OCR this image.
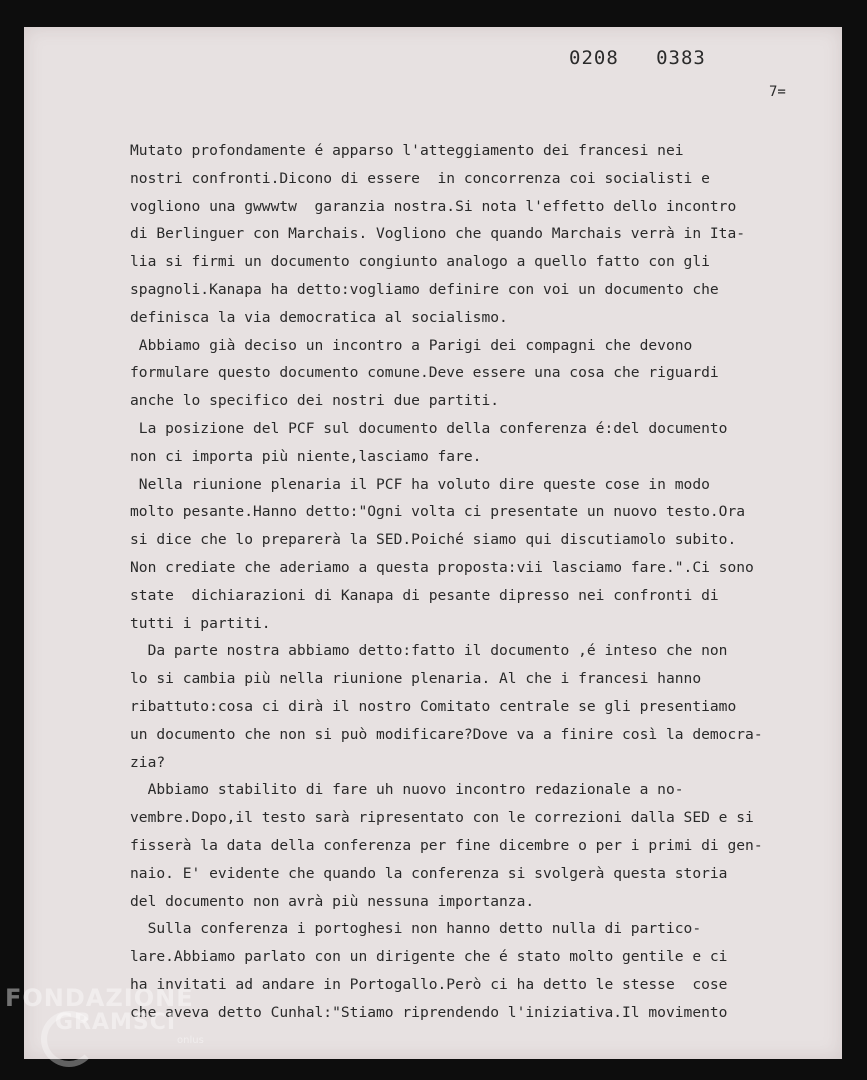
0208   0383
7=
Mutato profondamente é apparso l'atteggiamento dei francesi nei
nostri confronti.Dicono di essere  in concorrenza coi socialisti e
vogliono una gwwwtw  garanzia nostra.Si nota l'effetto dello incontro
di Berlinguer con Marchais. Vogliono che quando Marchais verrà in Ita-
lia si firmi un documento congiunto analogo a quello fatto con gli
spagnoli.Kanapa ha detto:vogliamo definire con voi un documento che
definisca la via democratica al socialismo.
Abbiamo già deciso un incontro a Parigi dei compagni che devono
formulare questo documento comune.Deve essere una cosa che riguardi
anche lo specifico dei nostri due partiti.
La posizione del PCF sul documento della conferenza é:del documento
non ci importa più niente,lasciamo fare.
Nella riunione plenaria il PCF ha voluto dire queste cose in modo
molto pesante.Hanno detto:"Ogni volta ci presentate un nuovo testo.Ora
si dice che lo preparerà la SED.Poiché siamo qui discutiamolo subito.
Non crediate che aderiamo a questa proposta:vii lasciamo fare.".Ci sono
state  dichiarazioni di Kanapa di pesante dipresso nei confronti di
tutti i partiti.
Da parte nostra abbiamo detto:fatto il documento ,é inteso che non
lo si cambia più nella riunione plenaria. Al che i francesi hanno
ribattuto:cosa ci dirà il nostro Comitato centrale se gli presentiamo
un documento che non si può modificare?Dove va a finire così la democra-
zia?
Abbiamo stabilito di fare uh nuovo incontro redazionale a no-
vembre.Dopo,il testo sarà ripresentato con le correzioni dalla SED e si
fisserà la data della conferenza per fine dicembre o per i primi di gen-
naio. E' evidente che quando la conferenza si svolgerà questa storia
del documento non avrà più nessuna importanza.
Sulla conferenza i portoghesi non hanno detto nulla di partico-
lare.Abbiamo parlato con un dirigente che é stato molto gentile e ci
ha invitati ad andare in Portogallo.Però ci ha detto le stesse  cose
che aveva detto Cunhal:"Stiamo riprendendo l'iniziativa.Il movimento
FONDAZIONE
GRAMSCI
onlus
